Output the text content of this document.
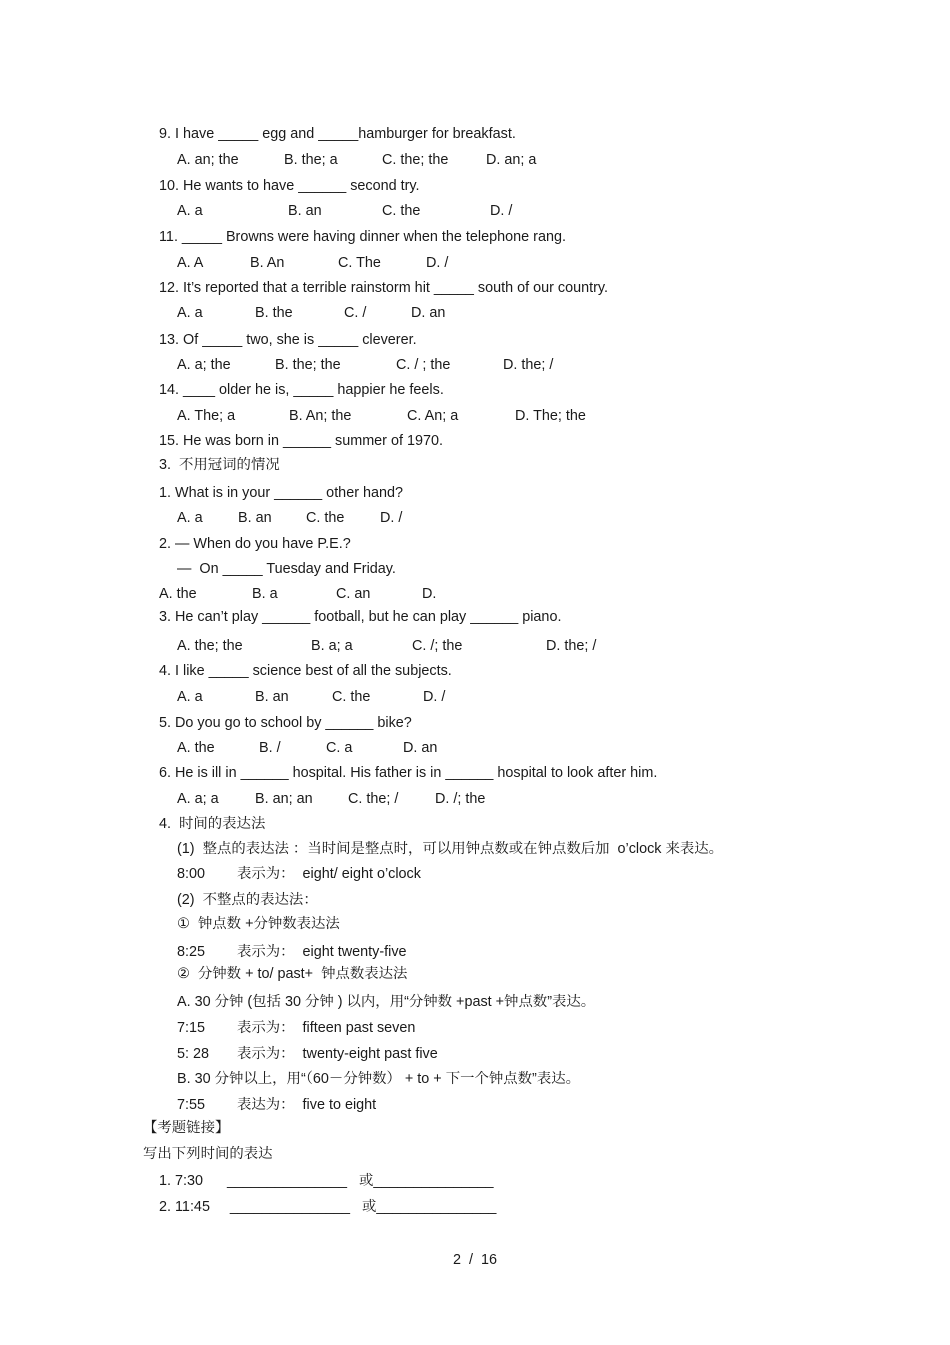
9. I have _____ egg and _____hamburger for breakfast.
A. an; the	B. the; a	C. the; the	D. an; a
10. He wants to have ______ second try.
A. a	B. an	C. the	D. /
11. _____ Browns were having dinner when the telephone rang.
A. A	B. An	C. The	D. /
12. It’s reported that a terrible rainstorm hit _____ south of our country.
A. a	B. the	C. /	D. an
13. Of _____ two, she is _____ cleverer.
A. a; the	B. the; the	C. / ; the	D. the; /
14. ____ older he is, _____ happier he feels.
A. The; a	B. An; the	C. An; a	D. The; the
15. He was born in ______ summer of 1970.
3.  不用冠词的情况
1. What is in your ______ other hand?
A. a B. an C. the D. /
2. — When do you have P.E.?
—  On _____ Tuesday and Friday.
A. the	B. a	C. an	D.
3. He can’t play ______ football, but he can play ______ piano.
A. the; the	B. a; a	C. /; the	D. the; /
4. I like _____ science best of all the subjects.
A. a	B. an	C. the	D. /
5. Do you go to school by ______ bike?
A. the	B. /	C. a	D. an
6. He is ill in ______ hospital. His father is in ______ hospital to look after him.
A. a; a	B. an; an C. the; /	D. /; the
4.  时间的表达法
(1)  整点的表达法 ：当时间是整点时，可以用钟点数或在钟点数后加  o’clock 来表达。
8:00        表示为：  eight/ eight o’clock
(2)  不整点的表达法：
①  钟点数 +分钟数表达法
8:25        表示为：  eight twenty-five
②  分钟数 + to/ past+  钟点数表达法
A. 30 分钟 (包括 30 分钟 ) 以内，用“分钟数 +past +钟点数”表达。
7:15        表示为：  fifteen past seven
5: 28       表示为：  twenty-eight past five
B. 30 分钟以上，用“（60－分钟数） + to + 下一个钟点数”表达。
7:55        表达为：  five to eight
【考题链接】
写出下列时间的表达
1. 7:30      _______________   或_______________
2. 11:45     _______________   或_______________
2  /  16
